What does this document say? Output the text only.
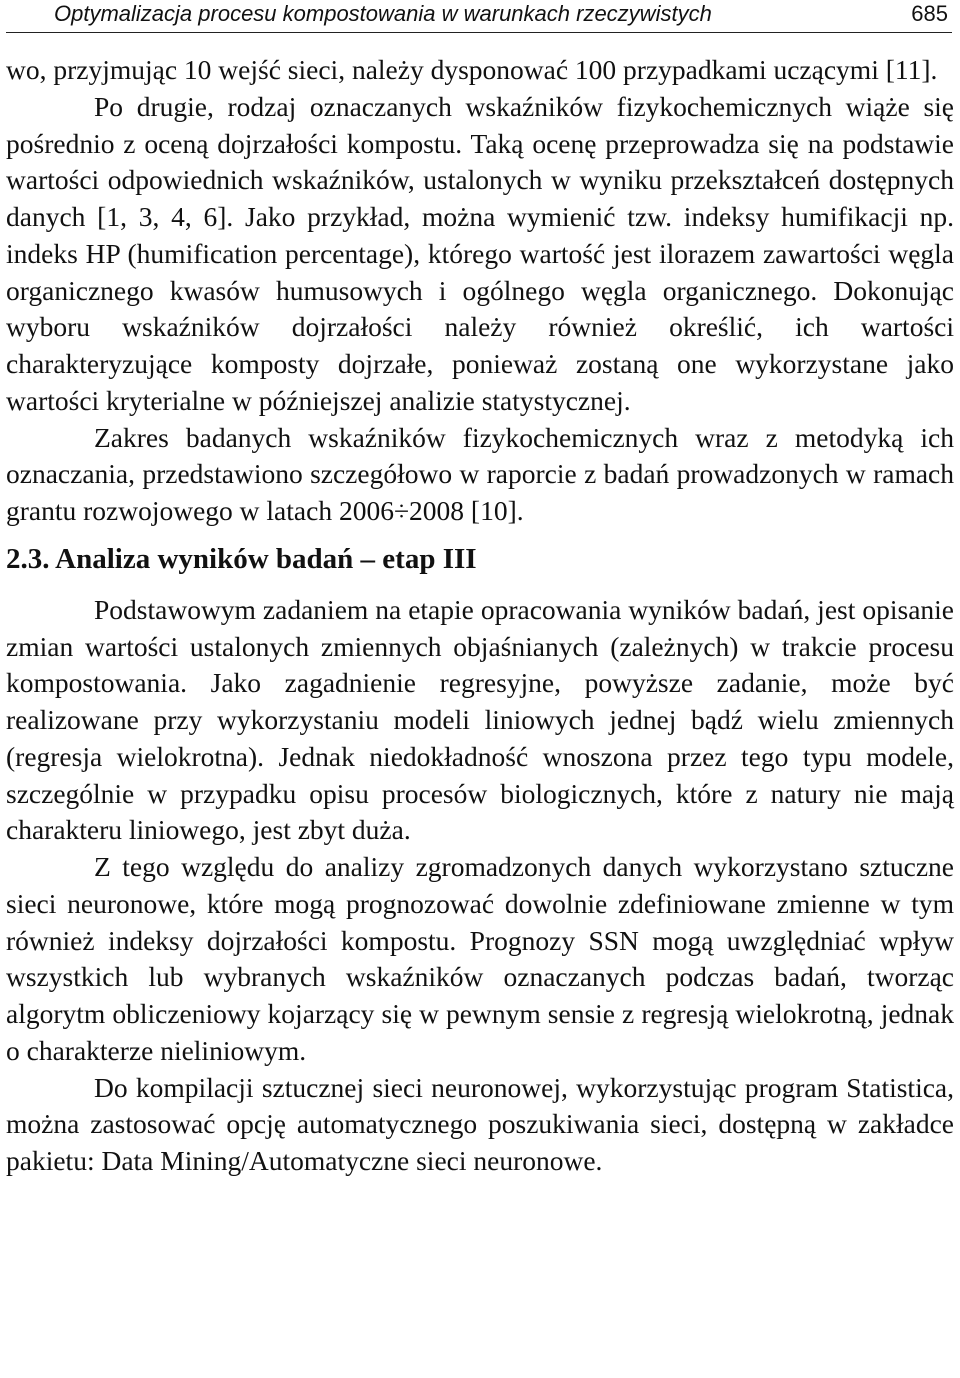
Optymalizacja procesu kompostowania w warunkach rzeczywistych	685

wo, przyjmując 10 wejść sieci, należy dysponować 100 przypadkami uczącymi [11].

Po drugie, rodzaj oznaczanych wskaźników fizykochemicznych wiąże się pośrednio z oceną dojrzałości kompostu. Taką ocenę przeprowadza się na podstawie wartości odpowiednich wskaźników, ustalonych w wyniku przekształceń dostępnych danych [1, 3, 4, 6]. Jako przykład, można wymienić tzw. indeksy humifikacji np. indeks HP (humification percentage), którego wartość jest ilorazem zawartości węgla organicznego kwasów humusowych i ogólnego węgla organicznego. Dokonując wyboru wskaźników dojrzałości należy również określić, ich wartości charakteryzujące komposty dojrzałe, ponieważ zostaną one wykorzystane jako wartości kryterialne w późniejszej analizie statystycznej.

Zakres badanych wskaźników fizykochemicznych wraz z metodyką ich oznaczania, przedstawiono szczegółowo w raporcie z badań prowadzonych w ramach grantu rozwojowego w latach 2006÷2008 [10].

2.3. Analiza wyników badań – etap III

Podstawowym zadaniem na etapie opracowania wyników badań, jest opisanie zmian wartości ustalonych zmiennych objaśnianych (zależnych) w trakcie procesu kompostowania. Jako zagadnienie regresyjne, powyższe zadanie, może być realizowane przy wykorzystaniu modeli liniowych jednej bądź wielu zmiennych (regresja wielokrotna). Jednak niedokładność wnoszona przez tego typu modele, szczególnie w przypadku opisu procesów biologicznych, które z natury nie mają charakteru liniowego, jest zbyt duża.

Z tego względu do analizy zgromadzonych danych wykorzystano sztuczne sieci neuronowe, które mogą prognozować dowolnie zdefiniowane zmienne w tym również indeksy dojrzałości kompostu. Prognozy SSN mogą uwzględniać wpływ wszystkich lub wybranych wskaźników oznaczanych podczas badań, tworząc algorytm obliczeniowy kojarzący się w pewnym sensie z regresją wielokrotną, jednak o charakterze nieliniowym.

Do kompilacji sztucznej sieci neuronowej, wykorzystując program Statistica, można zastosować opcję automatycznego poszukiwania sieci, dostępną w zakładce pakietu: Data Mining/Automatyczne sieci neuronowe.
